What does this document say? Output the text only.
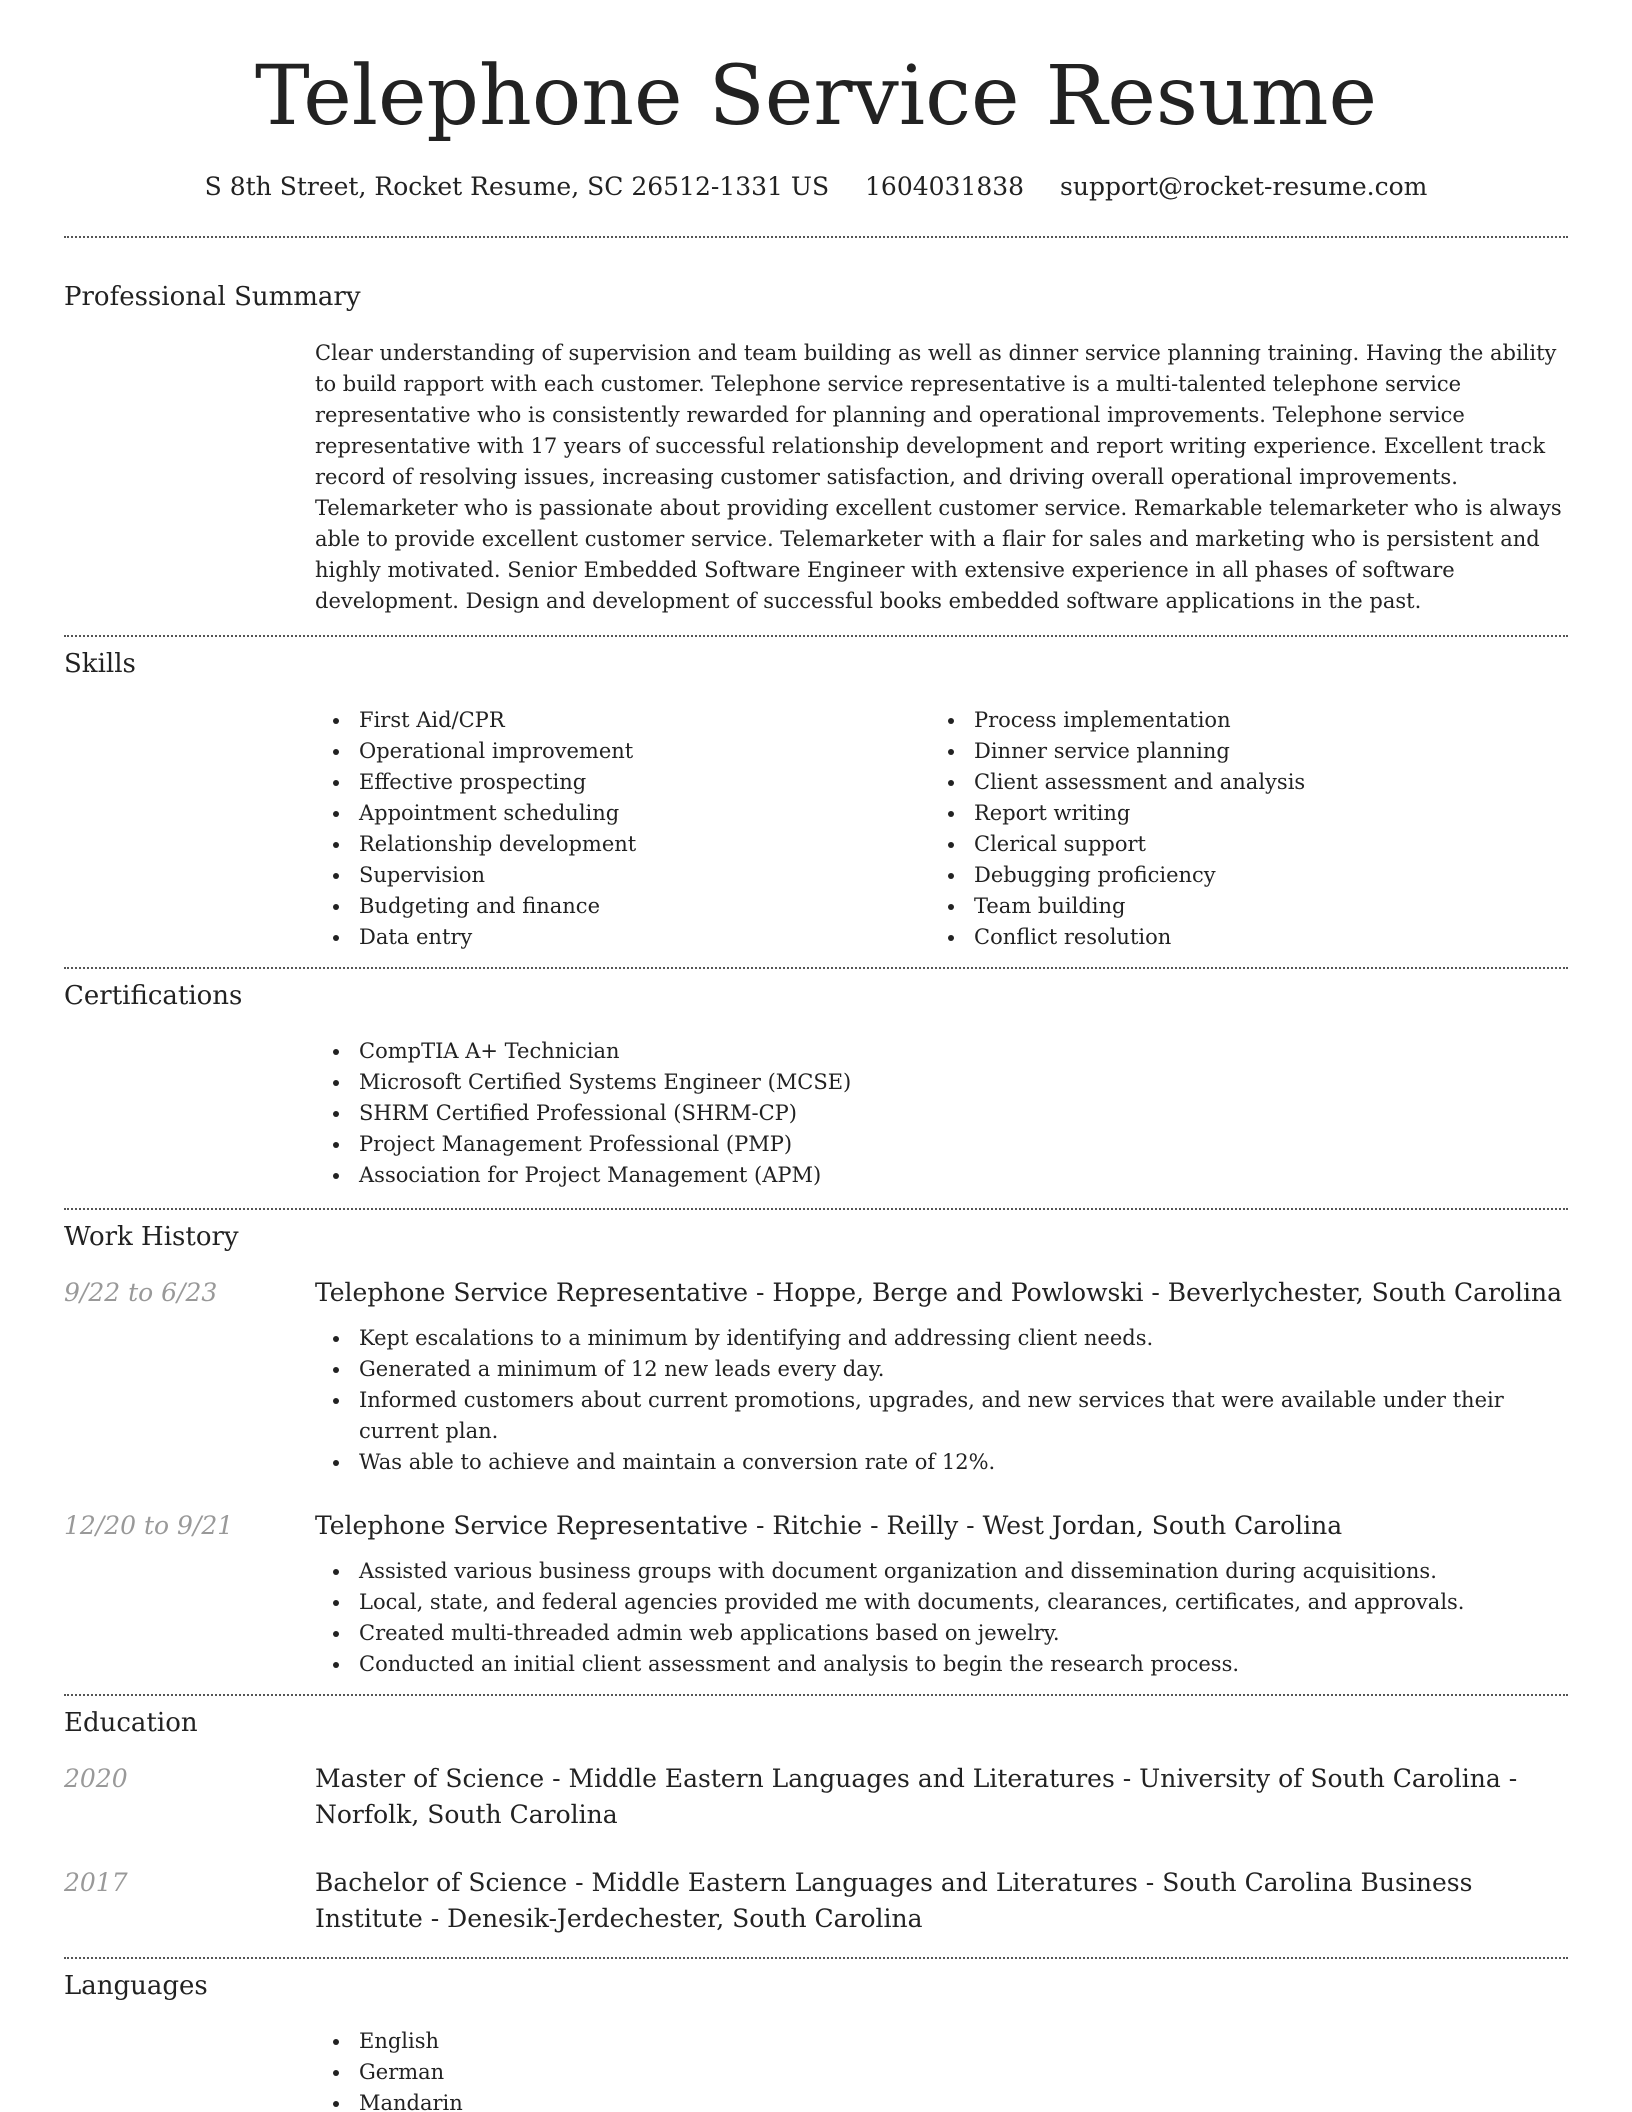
Telephone Service Resume
S 8th Street, Rocket Resume, SC 26512-1331 US 1604031838 support@rocket-resume.com
Professional Summary

Clear understanding of supervision and team building as well as dinner service planning training. Having the ability to build rapport with each customer. Telephone service representative is a multi-talented telephone service representative who is consistently rewarded for planning and operational improvements. Telephone service representative with 17 years of successful relationship development and report writing experience. Excellent track record of resolving issues, increasing customer satisfaction, and driving overall operational improvements. Telemarketer who is passionate about providing excellent customer service. Remarkable telemarketer who is always able to provide excellent customer service. Telemarketer with a flair for sales and marketing who is persistent and highly motivated. Senior Embedded Software Engineer with extensive experience in all phases of software development. Design and development of successful books embedded software applications in the past.

Skills
First Aid/CPR
Operational improvement
Effective prospecting
Appointment scheduling
Relationship development
Supervision
Budgeting and finance
Data entry
Process implementation
Dinner service planning
Client assessment and analysis
Report writing
Clerical support
Debugging proficiency
Team building
Conflict resolution
Certifications
CompTIA A+ Technician
Microsoft Certified Systems Engineer (MCSE)
SHRM Certified Professional (SHRM-CP)
Project Management Professional (PMP)
Association for Project Management (APM)
Work History
9/22 to 6/23	Telephone Service Representative - Hoppe, Berge and Powlowski - Beverlychester, South Carolina
Kept escalations to a minimum by identifying and addressing client needs.
Generated a minimum of 12 new leads every day.
Informed customers about current promotions, upgrades, and new services that were available under their current plan.
Was able to achieve and maintain a conversion rate of 12%.
12/20 to 9/21	Telephone Service Representative - Ritchie - Reilly - West Jordan, South Carolina
Assisted various business groups with document organization and dissemination during acquisitions.
Local, state, and federal agencies provided me with documents, clearances, certificates, and approvals.
Created multi-threaded admin web applications based on jewelry.
Conducted an initial client assessment and analysis to begin the research process.
Education
2020	Master of Science - Middle Eastern Languages and Literatures - University of South Carolina - Norfolk, South Carolina
2017	Bachelor of Science - Middle Eastern Languages and Literatures - South Carolina Business Institute - Denesik-Jerdechester, South Carolina
Languages
English
German
Mandarin
